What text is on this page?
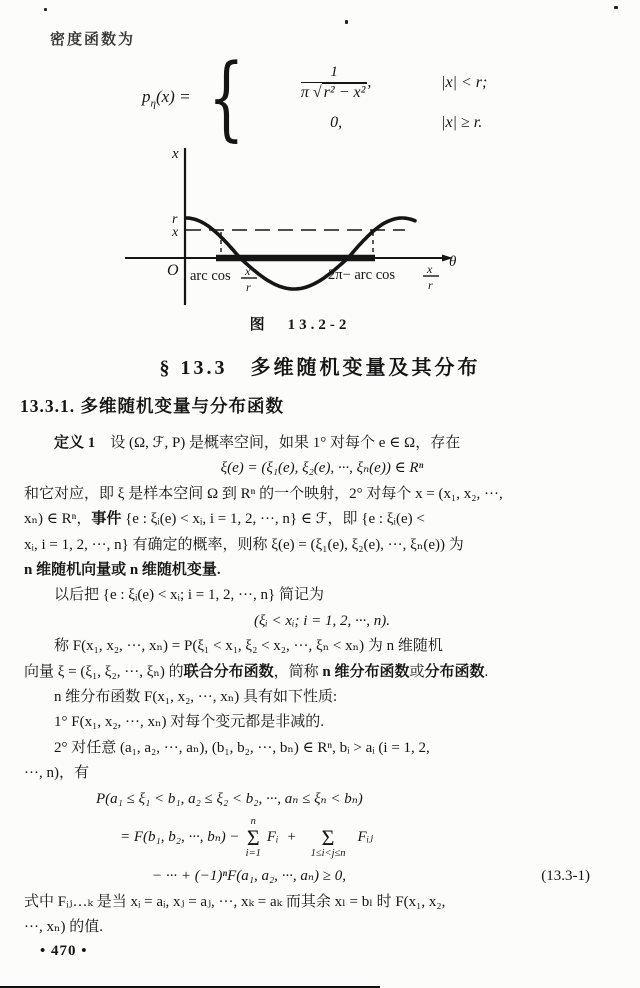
密度函数为
$p_\eta(x)$ = {	$\frac{1}{\text{π √ r² − x²}}$ ,	|x| < r;
0,	|x| ≥ r.
x
r
x
O	θ
arc cos x
r
2π− arc cos	x
r
图　13.2-2
§ 13.3　多维随机变量及其分布
13.3.1. 多维随机变量与分布函数
定义 1　设 (Ω, ℱ, P) 是概率空间，如果 1° 对每个 e ∈ Ω，存在
ξ(e) = (ξ₁(e), ξ₂(e), ···, ξₙ(e)) ∈ Rⁿ
和它对应，即 ξ 是样本空间 Ω 到 Rⁿ 的一个映射，2° 对每个 x = (x₁, x₂, ···,
xₙ) ∈ Rⁿ，事件 {e : ξᵢ(e) < xᵢ, i = 1, 2, ···, n} ∈ ℱ，即 {e : ξᵢ(e) <
xᵢ, i = 1, 2, ···, n} 有确定的概率，则称 ξ(e) = (ξ₁(e), ξ₂(e), ···, ξₙ(e)) 为
n 维随机向量或 n 维随机变量.
以后把 {e : ξᵢ(e) < xᵢ; i = 1, 2, ···, n} 简记为
(ξᵢ < xᵢ; i = 1, 2, ···, n).
称 F(x₁, x₂, ···, xₙ) = P(ξ₁ < x₁, ξ₂ < x₂, ···, ξₙ < xₙ) 为 n 维随机
向量 ξ = (ξ₁, ξ₂, ···, ξₙ) 的联合分布函数，简称 n 维分布函数或分布函数.
n 维分布函数 F(x₁, x₂, ···, xₙ) 具有如下性质:
1° F(x₁, x₂, ···, xₙ) 对每个变元都是非减的.
2° 对任意 (a₁, a₂, ···, aₙ), (b₁, b₂, ···, bₙ) ∈ Rⁿ, bᵢ > aᵢ (i = 1, 2,
···, n)，有
P(a₁ ≤ ξ₁ < b₁, a₂ ≤ ξ₂ < b₂, ···, aₙ ≤ ξₙ < bₙ)
= F(b₁, b₂, ···, bₙ) −
n
Σ
i=1
Fᵢ +
Σ
1≤i<j≤n
Fᵢⱼ
− ··· + (−1)ⁿF(a₁, a₂, ···, aₙ) ≥ 0,	(13.3-1)
式中 Fᵢⱼ…ₖ 是当 xᵢ = aᵢ, xⱼ = aⱼ, ···, xₖ = aₖ 而其余 xₗ = bₗ 时 F(x₁, x₂,
···, xₙ) 的值.
• 470 •
